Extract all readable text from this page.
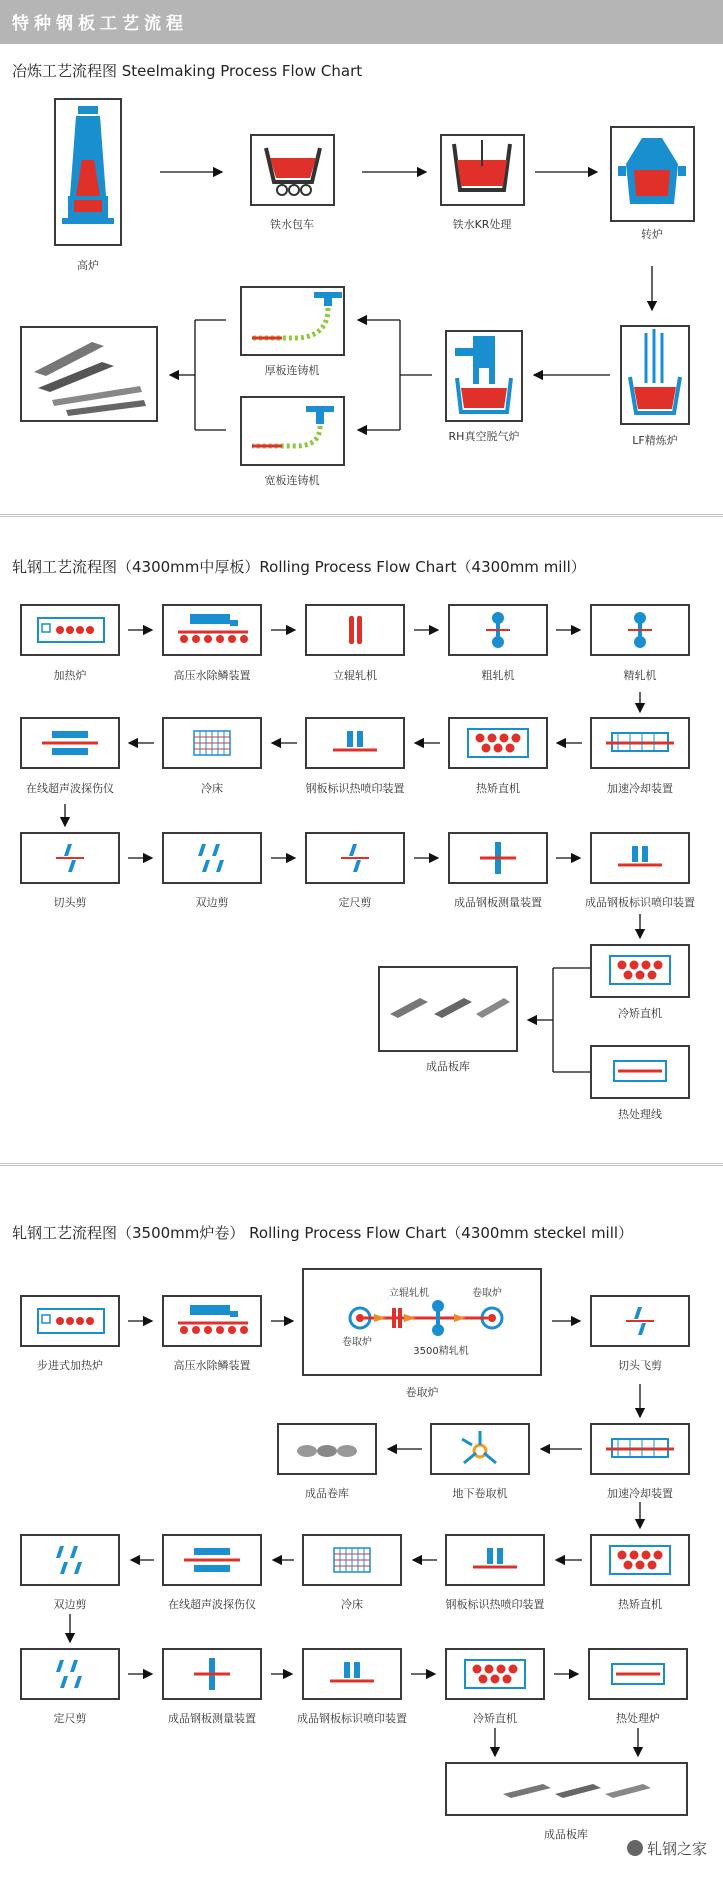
特种钢板工艺流程
冶炼工艺流程图 Steelmaking Process Flow Chart
轧钢工艺流程图（4300mm中厚板）Rolling Process Flow Chart（4300mm mill）
轧钢工艺流程图（3500mm炉卷） Rolling Process Flow Chart（4300mm steckel mill）
高炉
铁水包车	铁水KR处理
转炉
LF精炼炉
RH真空脱气炉
厚板连铸机
宽板连铸机
加热炉	高压水除鳞装置	立辊轧机	粗轧机	精轧机
加速冷却装置
热矫直机
钢板标识热喷印装置
冷床
在线超声波探伤仪
切头剪	双边剪	定尺剪	成品钢板测量装置	成品钢板标识喷印装置
冷矫直机
热处理线
成品板库
立辊轧机	卷取炉
卷取炉
3500精轧机
步进式加热炉	高压水除鳞装置
卷取炉
切头飞剪
加速冷却装置
地下卷取机
成品卷库
热矫直机
钢板标识热喷印装置
冷床
在线超声波探伤仪
双边剪
定尺剪	成品钢板测量装置	成品钢板标识喷印装置	冷矫直机	热处理炉
成品板库
轧钢之家
